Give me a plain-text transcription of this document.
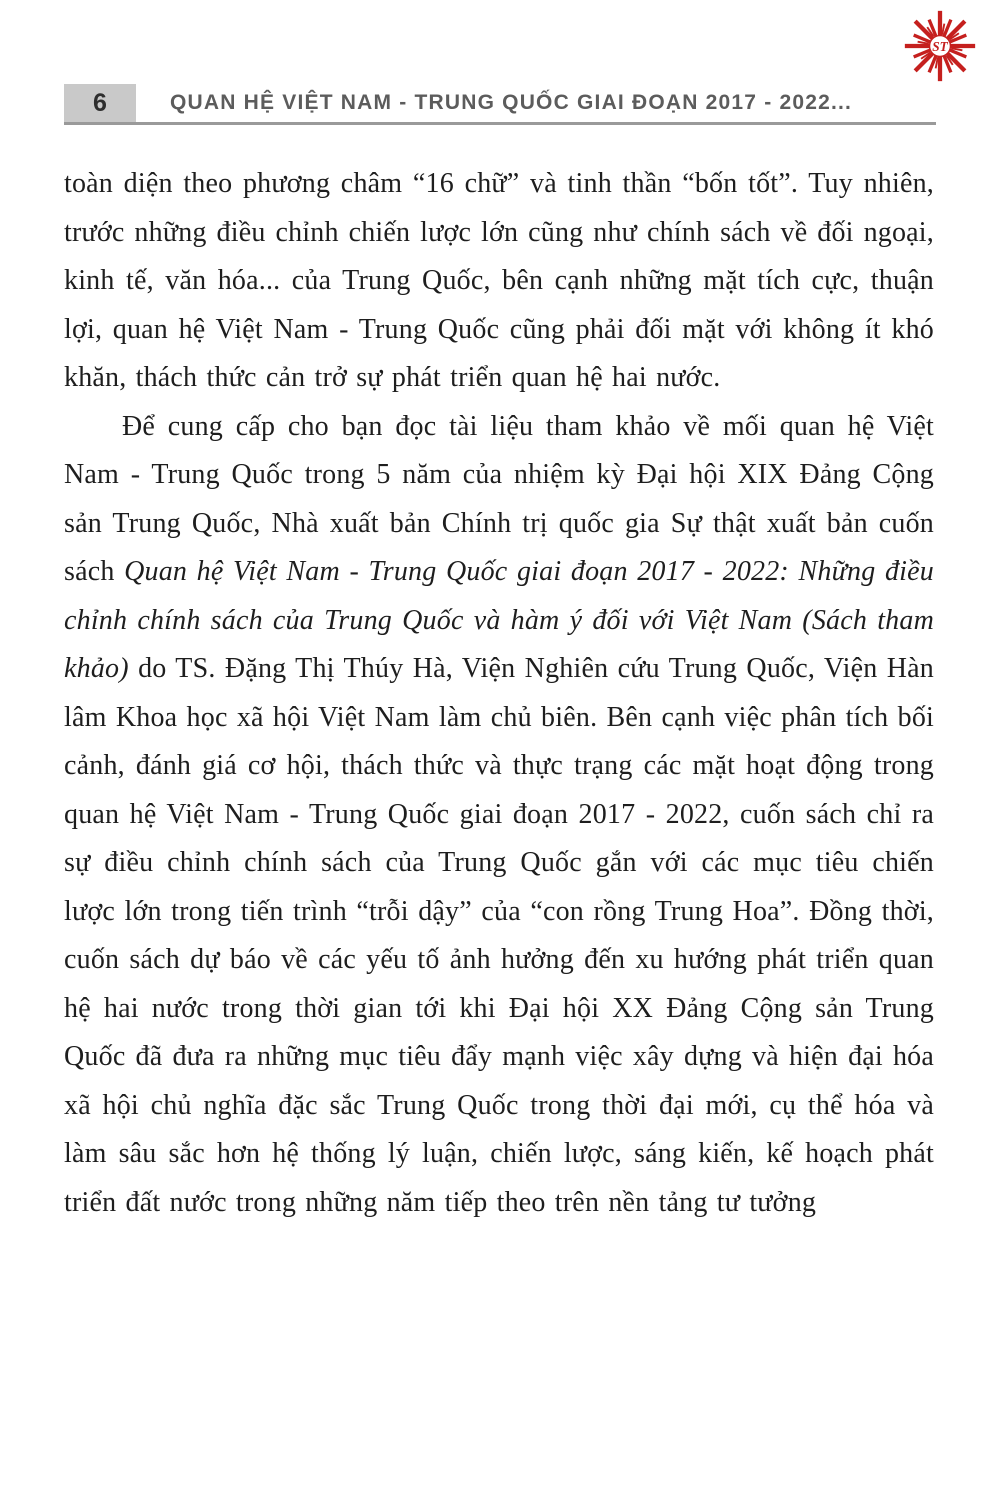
ST
6	QUAN HỆ VIỆT NAM - TRUNG QUỐC GIAI ĐOẠN 2017 - 2022...

toàn diện theo phương châm “16 chữ” và tinh thần “bốn tốt”. Tuy nhiên, trước những điều chỉnh chiến lược lớn cũng như chính sách về đối ngoại, kinh tế, văn hóa... của Trung Quốc, bên cạnh những mặt tích cực, thuận lợi, quan hệ Việt Nam - Trung Quốc cũng phải đối mặt với không ít khó khăn, thách thức cản trở sự phát triển quan hệ hai nước.

Để cung cấp cho bạn đọc tài liệu tham khảo về mối quan hệ Việt Nam - Trung Quốc trong 5 năm của nhiệm kỳ Đại hội XIX Đảng Cộng sản Trung Quốc, Nhà xuất bản Chính trị quốc gia Sự thật xuất bản cuốn sách Quan hệ Việt Nam - Trung Quốc giai đoạn 2017 - 2022: Những điều chỉnh chính sách của Trung Quốc và hàm ý đối với Việt Nam (Sách tham khảo) do TS. Đặng Thị Thúy Hà, Viện Nghiên cứu Trung Quốc, Viện Hàn lâm Khoa học xã hội Việt Nam làm chủ biên. Bên cạnh việc phân tích bối cảnh, đánh giá cơ hội, thách thức và thực trạng các mặt hoạt động trong quan hệ Việt Nam - Trung Quốc giai đoạn 2017 - 2022, cuốn sách chỉ ra sự điều chỉnh chính sách của Trung Quốc gắn với các mục tiêu chiến lược lớn trong tiến trình “trỗi dậy” của “con rồng Trung Hoa”. Đồng thời, cuốn sách dự báo về các yếu tố ảnh hưởng đến xu hướng phát triển quan hệ hai nước trong thời gian tới khi Đại hội XX Đảng Cộng sản Trung Quốc đã đưa ra những mục tiêu đẩy mạnh việc xây dựng và hiện đại hóa xã hội chủ nghĩa đặc sắc Trung Quốc trong thời đại mới, cụ thể hóa và làm sâu sắc hơn hệ thống lý luận, chiến lược, sáng kiến, kế hoạch phát triển đất nước trong những năm tiếp theo trên nền tảng tư tưởng
